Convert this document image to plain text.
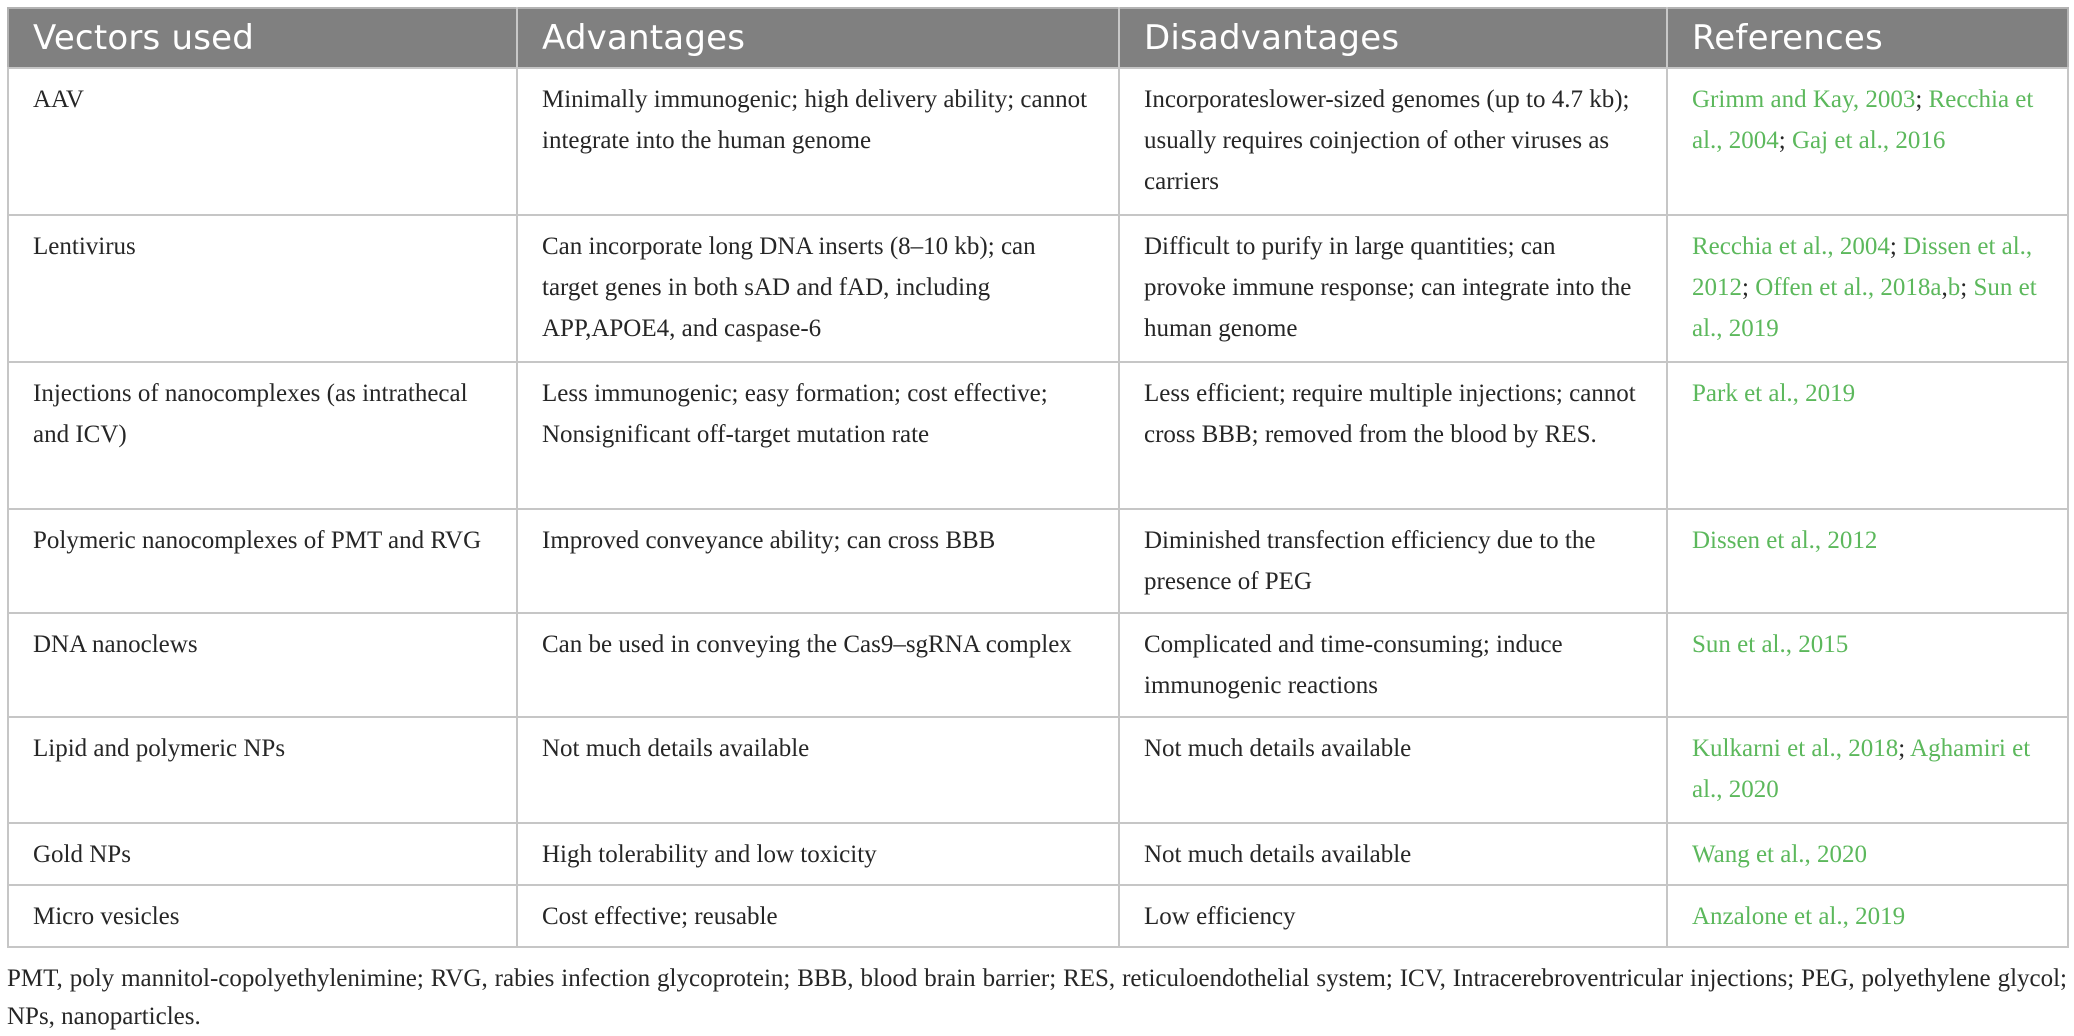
Vectors used	Advantages	Disadvantages	References
AAV	Minimally immunogenic; high delivery ability; cannot integrate into the human genome	Incorporateslower-sized genomes (up to 4.7 kb); usually requires coinjection of other viruses as carriers	Grimm and Kay, 2003; Recchia et al., 2004; Gaj et al., 2016
Lentivirus	Can incorporate long DNA inserts (8–10 kb); can target genes in both sAD and fAD, including APP,APOE4, and caspase-6	Difficult to purify in large quantities; can provoke immune response; can integrate into the human genome	Recchia et al., 2004; Dissen et al., 2012; Offen et al., 2018a,b; Sun et al., 2019
Injections of nanocomplexes (as intrathecal and ICV)	Less immunogenic; easy formation; cost effective; Nonsignificant off-target mutation rate	Less efficient; require multiple injections; cannot cross BBB; removed from the blood by RES.	Park et al., 2019
Polymeric nanocomplexes of PMT and RVG	Improved conveyance ability; can cross BBB	Diminished transfection efficiency due to the presence of PEG	Dissen et al., 2012
DNA nanoclews	Can be used in conveying the Cas9–sgRNA complex	Complicated and time-consuming; induce immunogenic reactions	Sun et al., 2015
Lipid and polymeric NPs	Not much details available	Not much details available	Kulkarni et al., 2018; Aghamiri et al., 2020
Gold NPs	High tolerability and low toxicity	Not much details available	Wang et al., 2020
Micro vesicles	Cost effective; reusable	Low efficiency	Anzalone et al., 2019
PMT, poly mannitol-copolyethylenimine; RVG, rabies infection glycoprotein; BBB, blood brain barrier; RES, reticuloendothelial system; ICV, Intracerebroventricular injections; PEG, polyethylene glycol; NPs, nanoparticles.
